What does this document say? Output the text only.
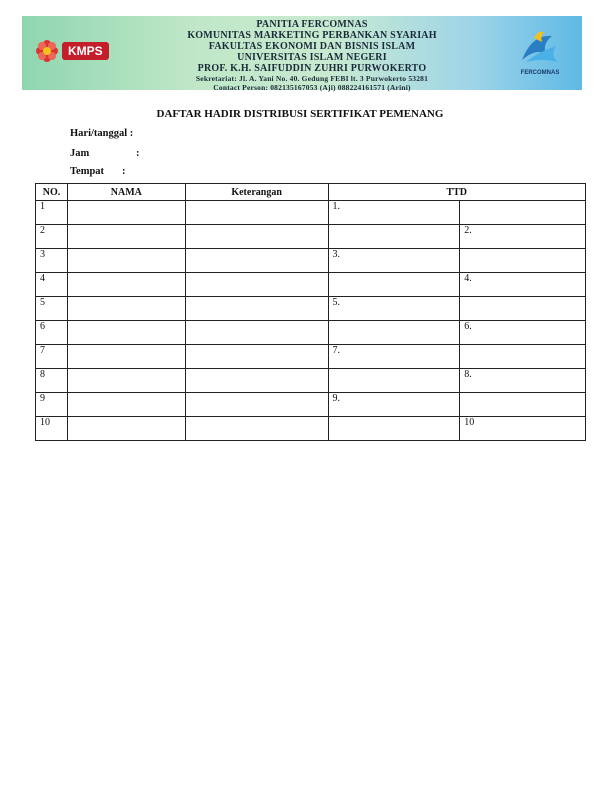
KMPS
PANITIA FERCOMNAS
KOMUNITAS MARKETING PERBANKAN SYARIAH
FAKULTAS EKONOMI DAN BISNIS ISLAM
UNIVERSITAS ISLAM NEGERI
PROF. K.H. SAIFUDDIN ZUHRI PURWOKERTO
Sekretariat: Jl. A. Yani No. 40. Gedung FEBI lt. 3 Purwokerto 53281
Contact Person: 082135167053 (Aji) 088224161571 (Arini)
FERCOMNAS
DAFTAR HADIR DISTRIBUSI SERTIFIKAT PEMENANG
Hari/tanggal :
Jam	:
Tempat :
NO.	NAMA	Keterangan	TTD	
1			1.	
2				2.
3			3.	
4				4.
5			5.	
6				6.
7			7.	
8				8.
9			9.	
10				10
